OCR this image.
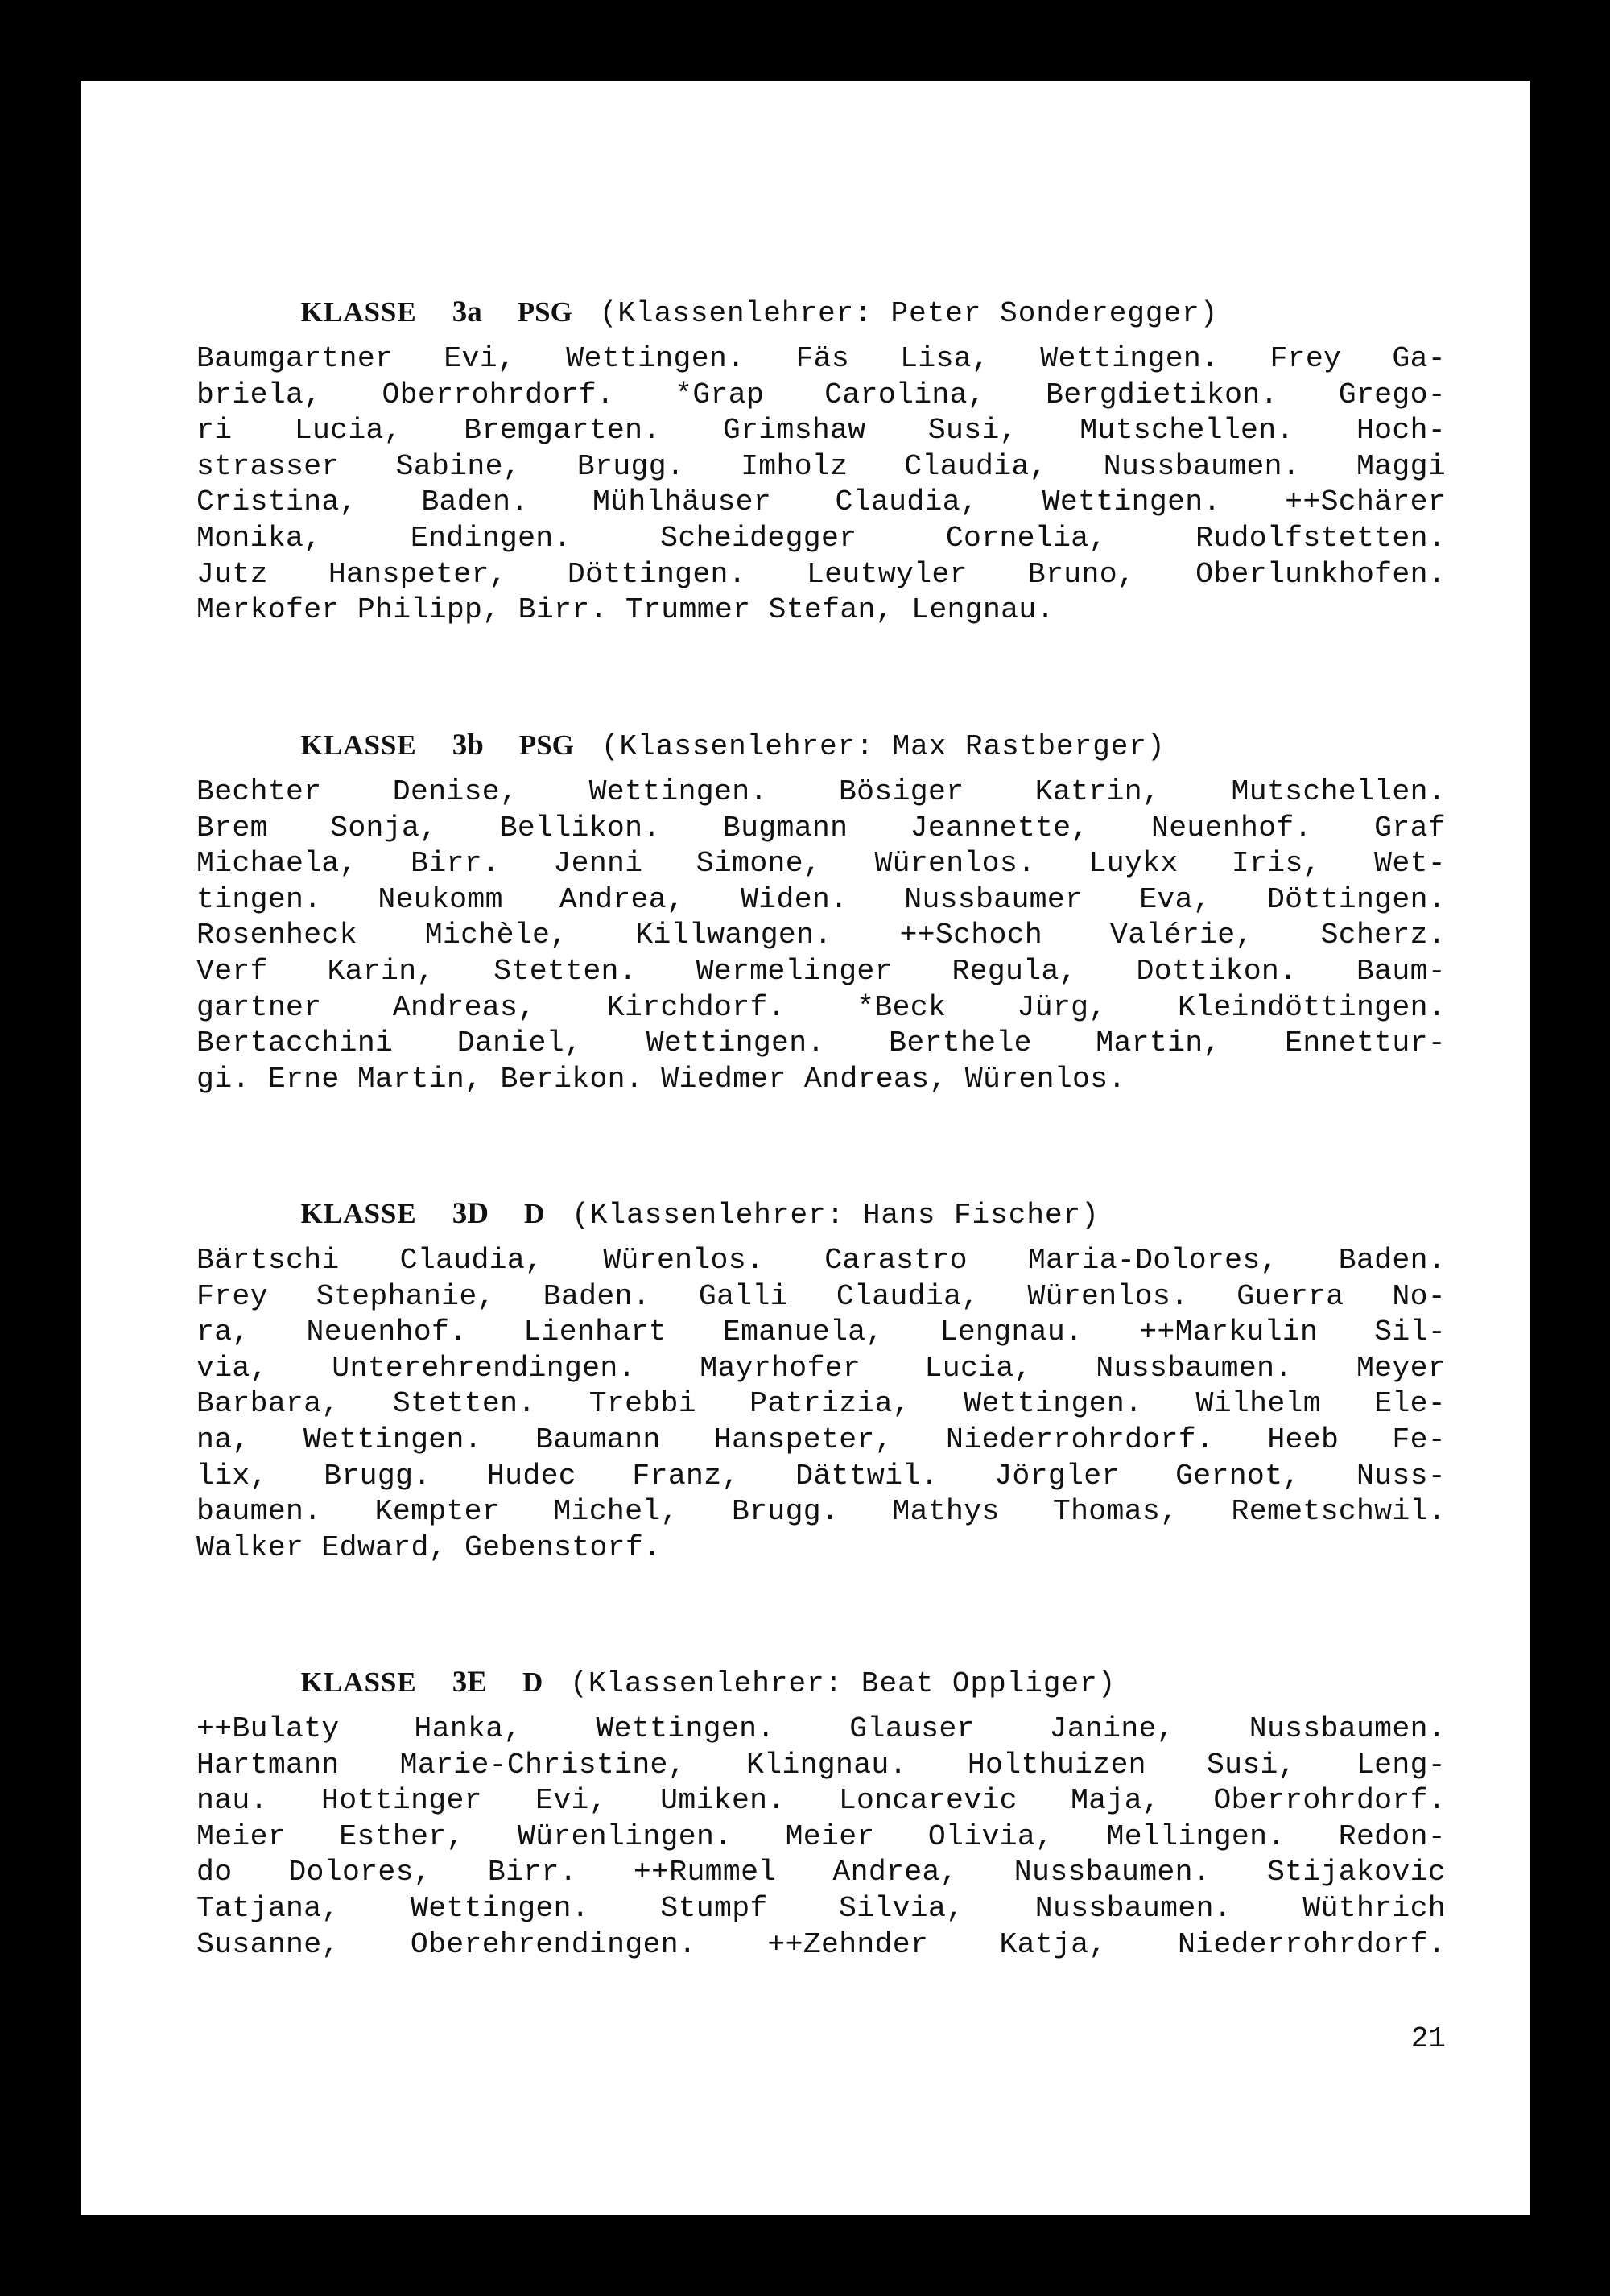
KLASSE 3a PSG (Klassenlehrer: Peter Sonderegger)

Baumgartner Evi, Wettingen. Fäs Lisa, Wettingen. Frey Ga-
briela, Oberrohrdorf. *Grap Carolina, Bergdietikon. Grego-
ri Lucia, Bremgarten. Grimshaw Susi, Mutschellen. Hoch-
strasser Sabine, Brugg. Imholz Claudia, Nussbaumen. Maggi
Cristina, Baden. Mühlhäuser Claudia, Wettingen. ++Schärer
Monika, Endingen. Scheidegger Cornelia, Rudolfstetten.
Jutz Hanspeter, Döttingen. Leutwyler Bruno, Oberlunkhofen.
Merkofer Philipp, Birr. Trummer Stefan, Lengnau.

KLASSE 3b PSG (Klassenlehrer: Max Rastberger)

Bechter Denise, Wettingen. Bösiger Katrin, Mutschellen.
Brem Sonja, Bellikon. Bugmann Jeannette, Neuenhof. Graf
Michaela, Birr. Jenni Simone, Würenlos. Luykx Iris, Wet-
tingen. Neukomm Andrea, Widen. Nussbaumer Eva, Döttingen.
Rosenheck Michèle, Killwangen. ++Schoch Valérie, Scherz.
Verf Karin, Stetten. Wermelinger Regula, Dottikon. Baum-
gartner Andreas, Kirchdorf. *Beck Jürg, Kleindöttingen.
Bertacchini Daniel, Wettingen. Berthele Martin, Ennettur-
gi. Erne Martin, Berikon. Wiedmer Andreas, Würenlos.

KLASSE 3D D (Klassenlehrer: Hans Fischer)

Bärtschi Claudia, Würenlos. Carastro Maria-Dolores, Baden.
Frey Stephanie, Baden. Galli Claudia, Würenlos. Guerra No-
ra, Neuenhof. Lienhart Emanuela, Lengnau. ++Markulin Sil-
via, Unterehrendingen. Mayrhofer Lucia, Nussbaumen. Meyer
Barbara, Stetten. Trebbi Patrizia, Wettingen. Wilhelm Ele-
na, Wettingen. Baumann Hanspeter, Niederrohrdorf. Heeb Fe-
lix, Brugg. Hudec Franz, Dättwil. Jörgler Gernot, Nuss-
baumen. Kempter Michel, Brugg. Mathys Thomas, Remetschwil.
Walker Edward, Gebenstorf.

KLASSE 3E D (Klassenlehrer: Beat Oppliger)

++Bulaty Hanka, Wettingen. Glauser Janine, Nussbaumen.
Hartmann Marie-Christine, Klingnau. Holthuizen Susi, Leng-
nau. Hottinger Evi, Umiken. Loncarevic Maja, Oberrohrdorf.
Meier Esther, Würenlingen. Meier Olivia, Mellingen. Redon-
do Dolores, Birr. ++Rummel Andrea, Nussbaumen. Stijakovic
Tatjana, Wettingen. Stumpf Silvia, Nussbaumen. Wüthrich
Susanne, Oberehrendingen. ++Zehnder Katja, Niederrohrdorf.
21
